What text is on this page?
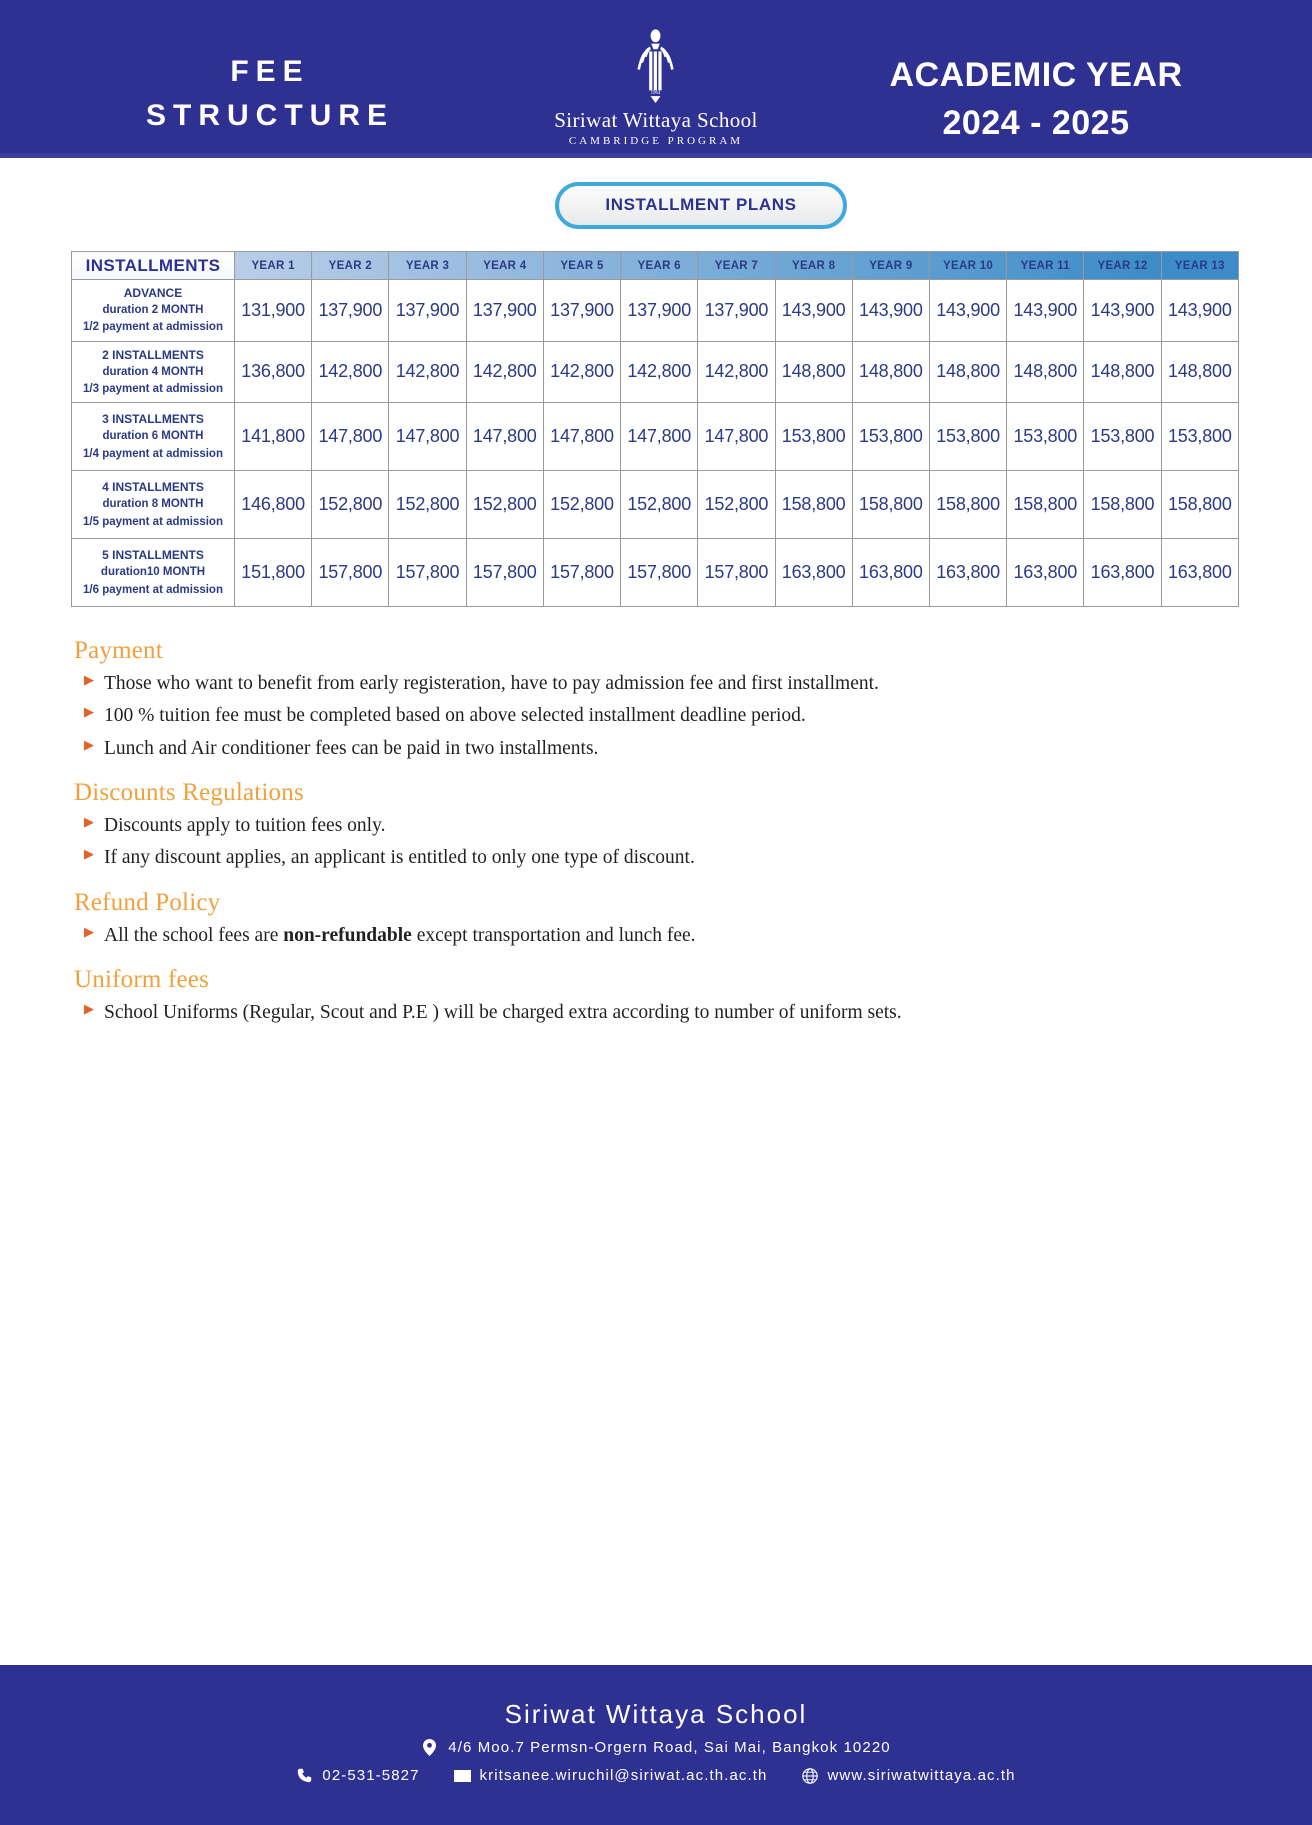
FEE
STRUCTURE
1964
Siriwat Wittaya School
CAMBRIDGE PROGRAM
ACADEMIC YEAR
2024 - 2025
INSTALLMENT PLANS
INSTALLMENTS	YEAR 1	YEAR 2	YEAR 3	YEAR 4	YEAR 5	YEAR 6	YEAR 7	YEAR 8	YEAR 9	YEAR 10	YEAR 11	YEAR 12	YEAR 13

ADVANCE
duration 2 MONTH
1/2 payment at admission	131,900	137,900	137,900	137,900	137,900	137,900	137,900	143,900	143,900	143,900	143,900	143,900	143,900

2 INSTALLMENTS
duration 4 MONTH
1/3 payment at admission	136,800	142,800	142,800	142,800	142,800	142,800	142,800	148,800	148,800	148,800	148,800	148,800	148,800

3 INSTALLMENTS
duration 6 MONTH
1/4 payment at admission	141,800	147,800	147,800	147,800	147,800	147,800	147,800	153,800	153,800	153,800	153,800	153,800	153,800

4 INSTALLMENTS
duration 8 MONTH
1/5 payment at admission	146,800	152,800	152,800	152,800	152,800	152,800	152,800	158,800	158,800	158,800	158,800	158,800	158,800

5 INSTALLMENTS
duration10 MONTH
1/6 payment at admission	151,800	157,800	157,800	157,800	157,800	157,800	157,800	163,800	163,800	163,800	163,800	163,800	163,800
Payment
▶ Those who want to benefit from early registeration, have to pay admission fee and first installment.
▶ 100 % tuition fee must be completed based on above selected installment deadline period.
▶ Lunch and Air conditioner fees can be paid in two installments.
Discounts Regulations
▶ Discounts apply to tuition fees only.
▶ If any discount applies, an applicant is entitled to only one type of discount.
Refund Policy
▶ All the school fees are non-refundable except transportation and lunch fee.
Uniform fees
▶ School Uniforms (Regular, Scout and P.E ) will be charged extra according to number of uniform sets.
Siriwat Wittaya School
4/6 Moo.7 Permsn-Orgern Road, Sai Mai, Bangkok 10220
02-531-5827	kritsanee.wiruchil@siriwat.ac.th.ac.th	www.siriwatwittaya.ac.th
